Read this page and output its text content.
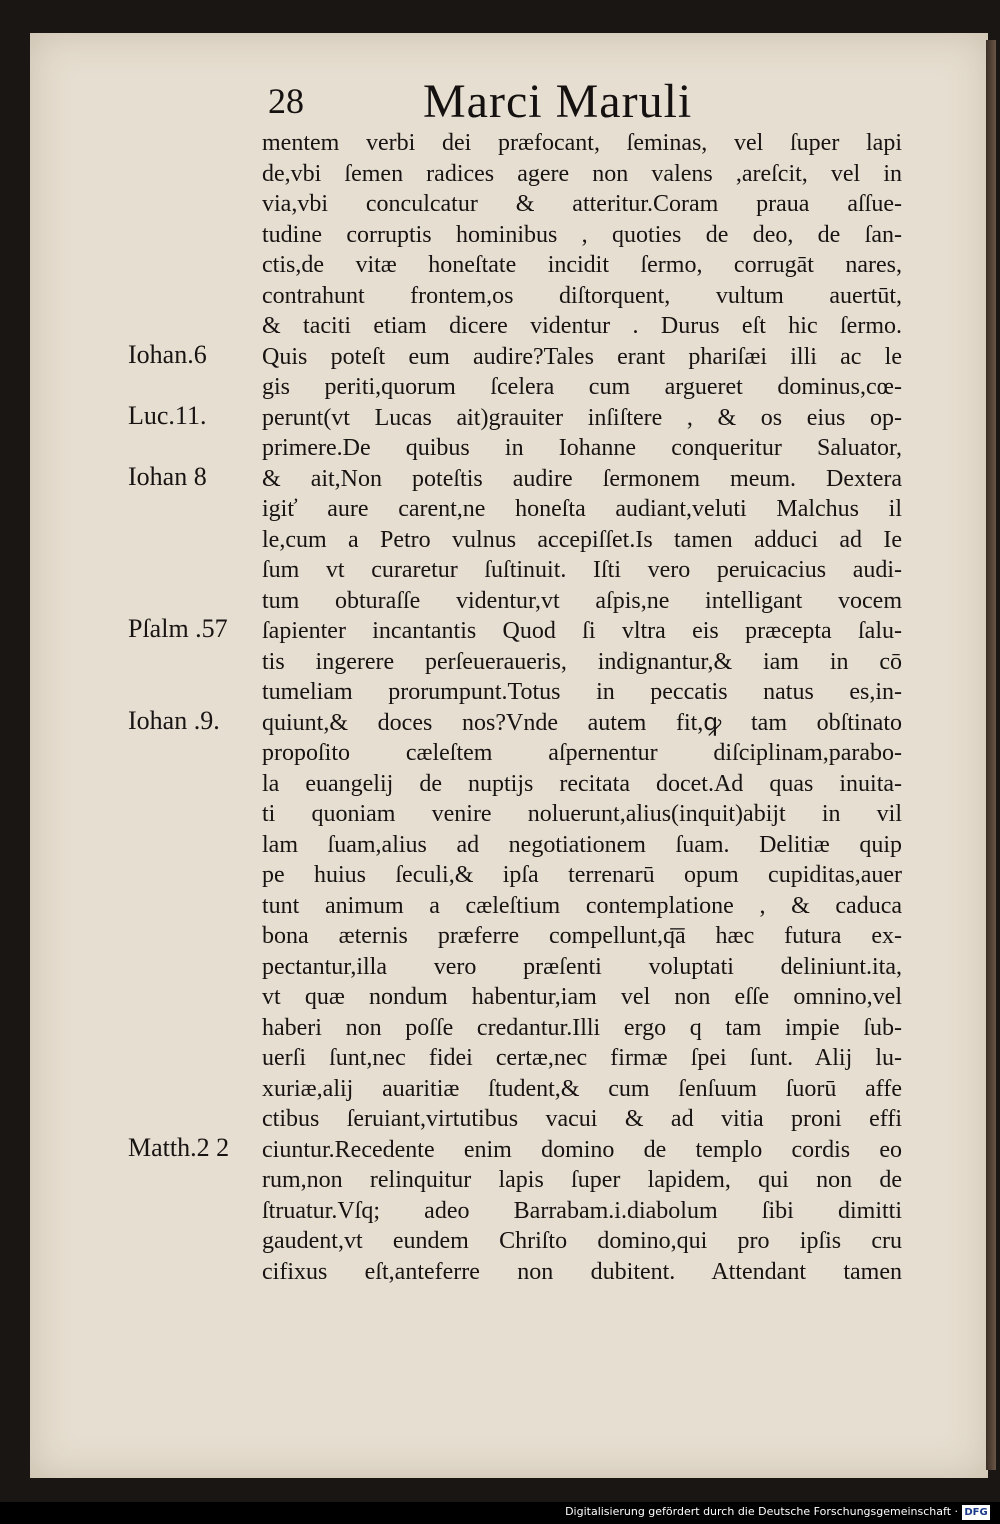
28 Marci Maruli
mentem verbi dei præfocant, ſeminas, vel ſuper lapi
de,vbi ſemen radices agere non valens ,areſcit, vel in
via,vbi conculcatur & atteritur.Coram praua aſſue-
tudine corruptis hominibus , quoties de deo, de ſan-
ctis,de vitæ honeſtate incidit ſermo, corrugāt nares,
contrahunt frontem,os diſtorquent, vultum auertūt,
& taciti etiam dicere videntur . Durus eſt hic ſermo.
Quis poteſt eum audire?Tales erant phariſæi illi ac le
gis periti,quorum ſcelera cum argueret dominus,cœ-
perunt(vt Lucas ait)grauiter inſiſtere , & os eius op-
primere.De quibus in Iohanne conqueritur Saluator,
& ait,Non poteſtis audire ſermonem meum. Dextera
igiť aure carent,ne honeſta audiant,veluti Malchus il
le,cum a Petro vulnus accepiſſet.Is tamen adduci ad Ie
ſum vt curaretur ſuſtinuit. Iſti vero peruicacius audi-
tum obturaſſe videntur,vt aſpis,ne intelligant vocem
ſapienter incantantis Quod ſi vltra eis præcepta ſalu-
tis ingerere perſeueraueris, indignantur,& iam in cō
tumeliam prorumpunt.Totus in peccatis natus es,in-
quiunt,& doces nos?Vnde autem fit,ꝙ tam obſtinato
propoſito cæleſtem aſpernentur diſciplinam,parabo-
la euangelij de nuptijs recitata docet.Ad quas inuita-
ti quoniam venire noluerunt,alius(inquit)abijt in vil
lam ſuam,alius ad negotiationem ſuam. Delitiæ quip
pe huius ſeculi,& ipſa terrenarū opum cupiditas,auer
tunt animum a cæleſtium contemplatione , & caduca
bona æternis præferre compellunt,q͞a hæc futura ex-
pectantur,illa vero præſenti voluptati deliniunt.ita,
vt quæ nondum habentur,iam vel non eſſe omnino,vel
haberi non poſſe credantur.Illi ergo q tam impie ſub-
uerſi ſunt,nec fidei certæ,nec firmæ ſpei ſunt. Alij lu-
xuriæ,alij auaritiæ ſtudent,& cum ſenſuum ſuorū affe
ctibus ſeruiant,virtutibus vacui & ad vitia proni effi
ciuntur.Recedente enim domino de templo cordis eo
rum,non relinquitur lapis ſuper lapidem, qui non de
ſtruatur.Vſq; adeo Barrabam.i.diabolum ſibi dimitti
gaudent,vt eundem Chriſto domino,qui pro ipſis cru
cifixus eſt,anteferre non dubitent. Attendant tamen
Iohan.6
Luc.11.
Iohan 8
Pſalm .57
Iohan .9.
Matth.2 2
Digitalisierung gefördert durch die Deutsche Forschungsgemeinschaft · DFG
